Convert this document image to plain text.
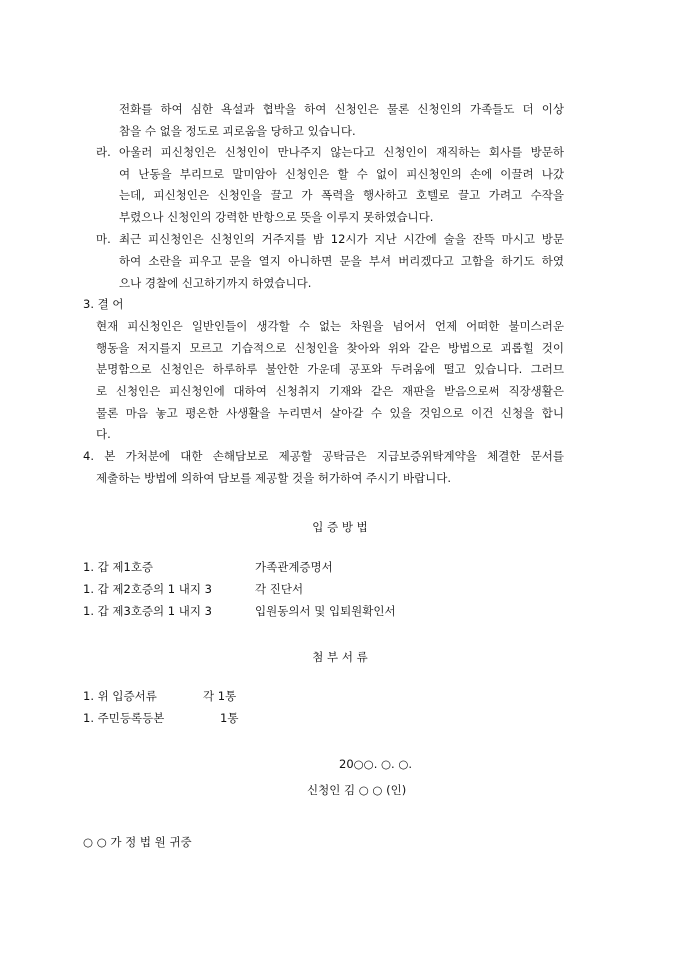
전화를 하여 심한 욕설과 협박을 하여 신청인은 물론 신청인의 가족들도 더 이상
참을 수 없을 정도로 괴로움을 당하고 있습니다.
라. 아울러 피신청인은 신청인이 만나주지 않는다고 신청인이 재직하는 회사를 방문하
여 난동을 부리므로 말미암아 신청인은 할 수 없이 피신청인의 손에 이끌려 나갔
는데, 피신청인은 신청인을 끌고 가 폭력을 행사하고 호텔로 끌고 가려고 수작을
부렸으나 신청인의 강력한 반항으로 뜻을 이루지 못하였습니다.
마. 최근 피신청인은 신청인의 거주지를 밤 12시가 지난 시간에 술을 잔뜩 마시고 방문
하여 소란을 피우고 문을 열지 아니하면 문을 부셔 버리겠다고 고함을 하기도 하였
으나 경찰에 신고하기까지 하였습니다.
3. 결 어
현재 피신청인은 일반인들이 생각할 수 없는 차원을 넘어서 언제 어떠한 불미스러운
행동을 저지를지 모르고 기습적으로 신청인을 찾아와 위와 같은 방법으로 괴롭힐 것이
분명함으로 신청인은 하루하루 불안한 가운데 공포와 두려움에 떨고 있습니다. 그러므
로 신청인은 피신청인에 대하여 신청취지 기재와 같은 재판을 받음으로써 직장생활은
물론 마음 놓고 평온한 사생활을 누리면서 살아갈 수 있을 것임으로 이건 신청을 합니
다.
4. 본 가처분에 대한 손해담보로 제공할 공탁금은 지급보증위탁계약을 체결한 문서를
제출하는 방법에 의하여 담보를 제공할 것을 허가하여 주시기 바랍니다.
입 증 방 법
1. 갑 제1호증	가족관계증명서
1. 갑 제2호증의 1 내지 3	각 진단서
1. 갑 제3호증의 1 내지 3	입원동의서 및 입퇴원확인서
첨 부 서 류
1. 위 입증서류	각 1통
1. 주민등록등본	1통
20○○. ○. ○.
신청인 김 ○ ○ (인)
○ ○ 가 정 법 원 귀중
